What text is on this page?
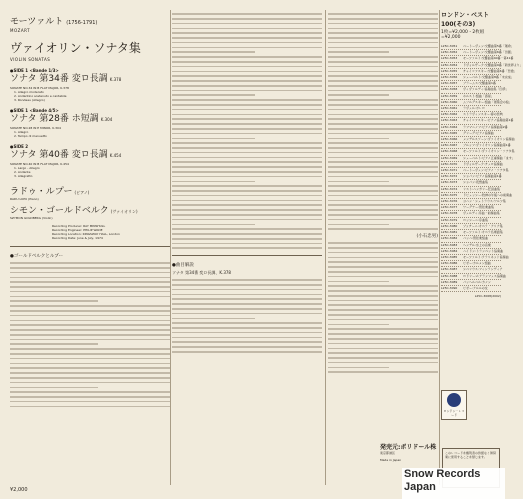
モーツァルト (1756-1791)
MOZART
ヴァイオリン・ソナタ集
VIOLIN SONATAS
●SIDE 1 <Bande 1/3>
ソナタ 第34番 変ロ長調 K.378
SONATE NO.34 IN B FLAT MAJOR, K.378
1. Allegro moderato
2. Andantino sostenuto e cantabile
3. Rondeau (Allegro)
●SIDE 1 <Bande 4/5>
ソナタ 第28番 ホ短調 K.304
SONATE NO.28 IN E MINOR, K.304
1. Allegro
2. Tempo di menuetto
●SIDE 2
ソナタ 第40番 変ロ長調 K.454
SONATE NO.40 IN B FLAT MAJOR, K.454
1. Largo - Allegro
2. Andante
3. Allegretto
ラドゥ・ルプー (ピアノ)
RADU LUPU (Piano)
シモン・ゴールドベルク (ヴァイオリン)
SZYMON GOLDBERG (Violin)
Recording Producer: RAY MINSHULL
Recording Engineer: PHILIP WADE
Recording Location: KINGSWAY HALL, London
Recording Date: June & July, 1974
●ゴールドベルクとルプー
●曲目解説
ソナタ 第34番 変ロ長調、K.378
(小石忠男)
ロンドン・ベスト100(その3)
1枚=¥2,000・2枚組=¥2,000
L25C-3051	ベートーヴェン:交響曲第5番「運命」
L25C-3052	ベートーヴェン:交響曲第6番「田園」
L25C-3053	モーツァルト:交響曲第40番・第41番
L25C-3054	ドヴォルザーク:交響曲第9番「新世界より」
L25C-3055	チャイコフスキー:交響曲第6番「悲愴」
L25C-3056	シューベルト:交響曲第8番「未完成」
L25C-3057	ブラームス:交響曲第1番
L25C-3058	ヴィヴァルディ:協奏曲集「四季」
L25C-3059	ホルスト:組曲「惑星」
L25C-3060	ムソルグスキー:組曲「展覧会の絵」
L25C-3061	ラヴェル:ボレロ
L25C-3062	ストラヴィンスキー:春の祭典
L25C-3063	チャイコフスキー:ピアノ協奏曲第1番
L25C-3064	ラフマニノフ:ピアノ協奏曲第2番
L25C-3065	グリーグ:ピアノ協奏曲
L25C-3066	メンデルスゾーン:ヴァイオリン協奏曲
L25C-3067	ブルッフ:ヴァイオリン協奏曲第1番
L25C-3068	モーツァルト:ヴァイオリン・ソナタ集
L25C-3069	シューベルト:ピアノ五重奏曲「ます」
L25C-3070	ドヴォルザーク:チェロ協奏曲
L25C-3071	ベートーヴェン:ピアノ・ソナタ集
L25C-3072	ショパン:ピアノ協奏曲第1番
L25C-3073	ショパン:夜想曲集
L25C-3074	リスト:ハンガリー狂詩曲集
L25C-3075	ドビュッシー:牧神の午後への前奏曲
L25C-3076	ヨハン・シュトラウス:ワルツ集
L25C-3077	ワーグナー:管弦楽曲集
L25C-3078	ヴェルディ:序曲・前奏曲集
L25C-3079	ロッシーニ:序曲集
L25C-3080	プッチーニ:オペラ・アリア集
L25C-3081	モーツァルト:オペラ名場面集
L25C-3082	バッハ:管弦楽組曲
L25C-3083	ヘンデル:水上の音楽
L25C-3084	ハイドン:トランペット協奏曲
L25C-3085	モーツァルト:クラリネット協奏曲
L25C-3086	ビゼー:カルメン組曲
L25C-3087	シベリウス:フィンランディア
L25C-3088	ロドリーゴ:アランフェス協奏曲
L25C-3089	パッヘルベル:カノン
L25C-3090	ビゼー:アルルの女
L25C-3068(2002)
ロンドン・レコード
発売元:ポリドール株
東京都港区
Made in Japan
このレコードを権利者の許諾なく賃貸業に使用することを禁じます。
¥2,000
Snow Records
Japan
